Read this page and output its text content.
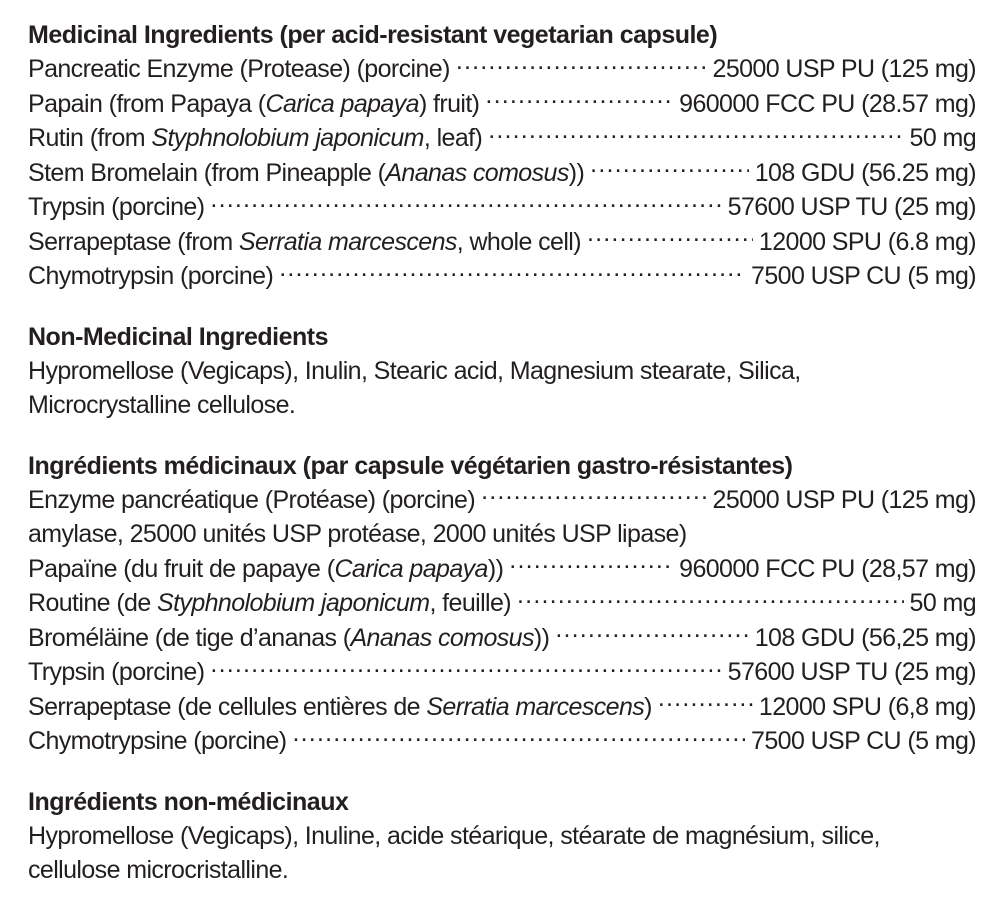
Medicinal Ingredients (per acid-resistant vegetarian capsule)
Pancreatic Enzyme (Protease) (porcine) .....	25000 USP PU (125 mg)
Papain (from Papaya (Carica papaya) fruit) .....	960000 FCC PU (28.57 mg)
Rutin (from Styphnolobium japonicum, leaf) .....	50 mg
Stem Bromelain (from Pineapple (Ananas comosus)) .....	108 GDU (56.25 mg)
Trypsin (porcine) .....	57600 USP TU (25 mg)
Serrapeptase (from Serratia marcescens, whole cell) .....	12000 SPU (6.8 mg)
Chymotrypsin (porcine) .....	7500 USP CU (5 mg)
Non-Medicinal Ingredients
Hypromellose (Vegicaps), Inulin, Stearic acid, Magnesium stearate, Silica, Microcrystalline cellulose.
Ingrédients médicinaux (par capsule végétarien gastro-résistantes)
Enzyme pancréatique (Protéase) (porcine) .....	25000 USP PU (125 mg)
amylase, 25000 unités USP protéase, 2000 unités USP lipase)
Papaïne (du fruit de papaye (Carica papaya)) .....	960000 FCC PU (28,57 mg)
Routine (de Styphnolobium japonicum, feuille) .....	50 mg
Broméläine (de tige d’ananas (Ananas comosus)) .....	108 GDU (56,25 mg)
Trypsin (porcine) .....	57600 USP TU (25 mg)
Serrapeptase (de cellules entières de Serratia marcescens) .....	12000 SPU (6,8 mg)
Chymotrypsine (porcine) .....	7500 USP CU (5 mg)
Ingrédients non-médicinaux
Hypromellose (Vegicaps), Inuline, acide stéarique, stéarate de magnésium, silice, cellulose microcristalline.
